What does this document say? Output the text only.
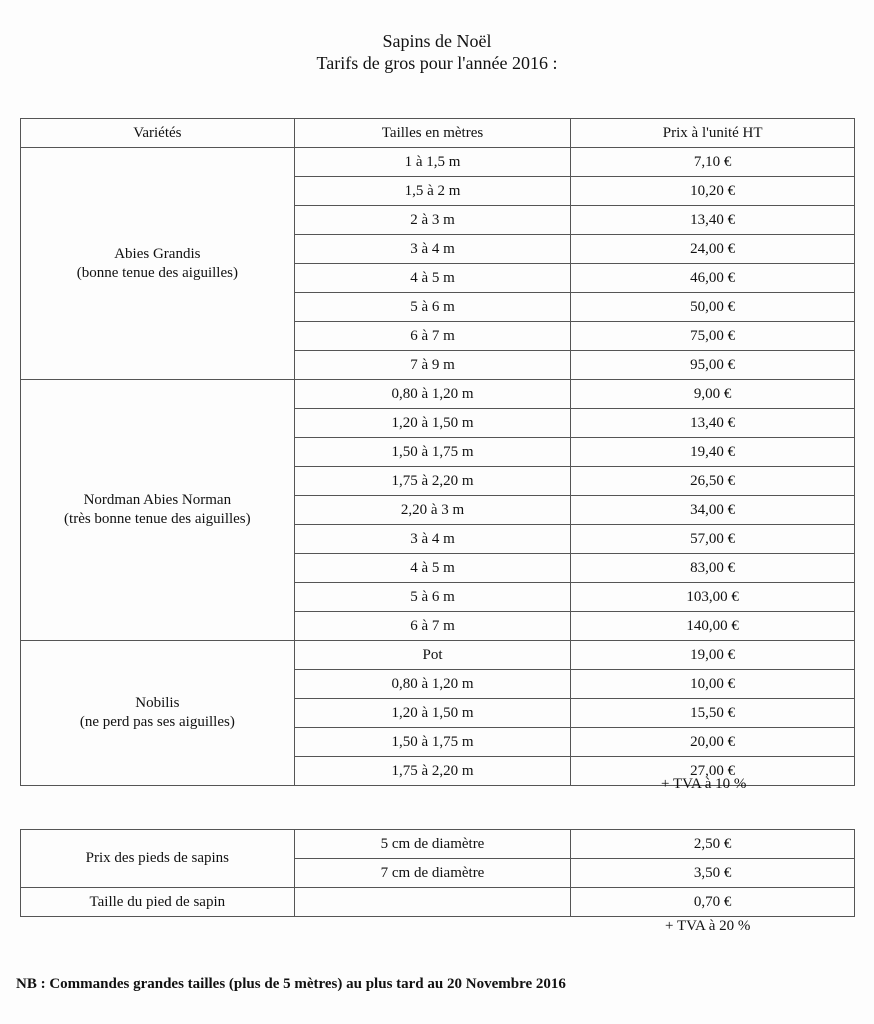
Sapins de Noël
Tarifs de gros pour l'année 2016 :
Variétés	Tailles en mètres	Prix à l'unité HT

Abies Grandis
(bonne tenue des aiguilles)	1 à 1,5 m	7,10 €
	1,5 à 2 m	10,20 €
	2 à 3 m	13,40 €
	3 à 4 m	24,00 €
	4 à 5 m	46,00 €
	5 à 6 m	50,00 €
	6 à 7 m	75,00 €
	7 à 9 m	95,00 €

Nordman Abies Norman
(très bonne tenue des aiguilles)	0,80 à 1,20 m	9,00 €
	1,20 à 1,50 m	13,40 €
	1,50 à 1,75 m	19,40 €
	1,75 à 2,20 m	26,50 €
	2,20 à 3 m	34,00 €
	3 à 4 m	57,00 €
	4 à 5 m	83,00 €
	5 à 6 m	103,00 €
	6 à 7 m	140,00 €

Nobilis
(ne perd pas ses aiguilles)	Pot	19,00 €
	0,80 à 1,20 m	10,00 €
	1,20 à 1,50 m	15,50 €
	1,50 à 1,75 m	20,00 €
	1,75 à 2,20 m	27,00 €
+ TVA à 10 %
Prix des pieds de sapins	5 cm de diamètre	2,50 €
	7 cm de diamètre	3,50 €
Taille du pied de sapin		0,70 €
+ TVA à 20 %
NB : Commandes grandes tailles (plus de 5 mètres) au plus tard au 20 Novembre 2016
